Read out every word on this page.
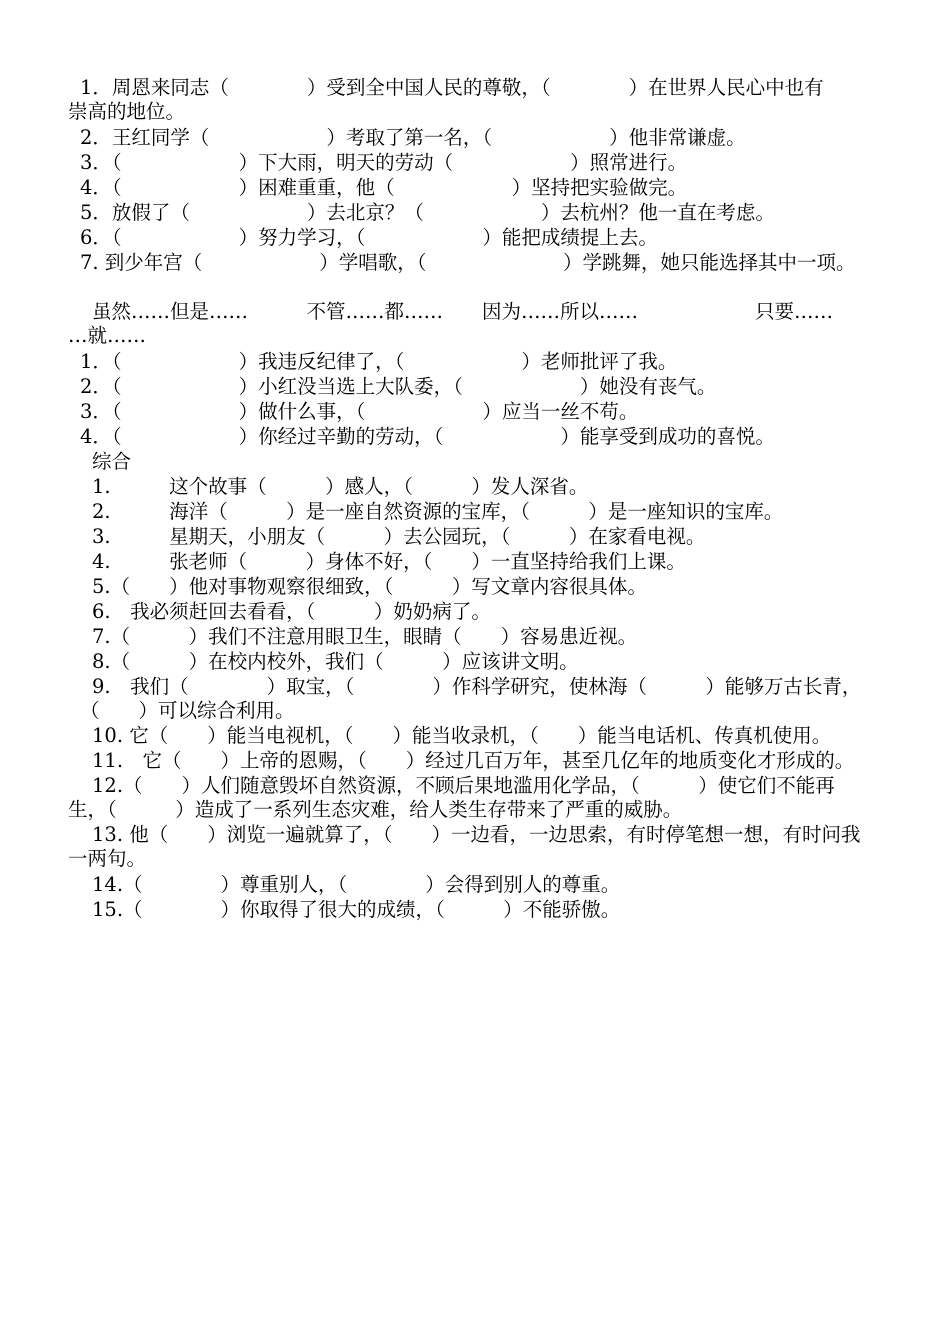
1．周恩来同志（　　　　）受到全中国人民的尊敬，（　　　　）在世界人民心中也有
崇高的地位。
2．王红同学（　　　　　　）考取了第一名，（　　　　　　）他非常谦虚。
3．（　　　　　　）下大雨，明天的劳动（　　　　　　）照常进行。
4．（　　　　　　）困难重重，他（　　　　　　）坚持把实验做完。
5．放假了（　　　　　　）去北京？（　　　　　　）去杭州？他一直在考虑。
6．（　　　　　　）努力学习，（　　　　　　）能把成绩提上去。
7. 到少年宫（　　　　　　）学唱歌，（　　　　　　　）学跳舞，她只能选择其中一项。
虽然……但是……　　　不管……都……　　因为……所以……　　　　　　只要……
…就……
1．（　　　　　　）我违反纪律了，（　　　　　　）老师批评了我。
2．（　　　　　　）小红没当选上大队委，（　　　　　　）她没有丧气。
3．（　　　　　　）做什么事，（　　　　　　）应当一丝不苟。
4．（　　　　　　）你经过辛勤的劳动，（　　　　　　）能享受到成功的喜悦。
综合
1.　　　这个故事（　　　）感人，（　　　）发人深省。
2.　　　海洋（　　　）是一座自然资源的宝库，（　　　）是一座知识的宝库。
3.　　　星期天，小朋友（　　　）去公园玩，（　　　）在家看电视。
4.　　　张老师（　　　）身体不好，（　　）一直坚持给我们上课。
5.（　　）他对事物观察很细致，（　　　）写文章内容很具体。
6.　我必须赶回去看看，（　　　）奶奶病了。
7.（　　　）我们不注意用眼卫生，眼睛（　　）容易患近视。
8.（　　　）在校内校外，我们（　　　）应该讲文明。
9.　我们（　　　　）取宝，（　　　　）作科学研究，使林海（　　　）能够万古长青，
（　　）可以综合利用。
10. 它（　　）能当电视机，（　　）能当收录机，（　　）能当电话机、传真机使用。
11.　它（　　）上帝的恩赐，（　　）经过几百万年，甚至几亿年的地质变化才形成的。
12.（　　）人们随意毁坏自然资源，不顾后果地滥用化学品，（　　　）使它们不能再
生，（　　　）造成了一系列生态灾难，给人类生存带来了严重的威胁。
13. 他（　　）浏览一遍就算了，（　　）一边看，一边思索，有时停笔想一想，有时问我
一两句。
14.（　　　　）尊重别人，（　　　　）会得到别人的尊重。
15.（　　　　）你取得了很大的成绩，（　　　）不能骄傲。
